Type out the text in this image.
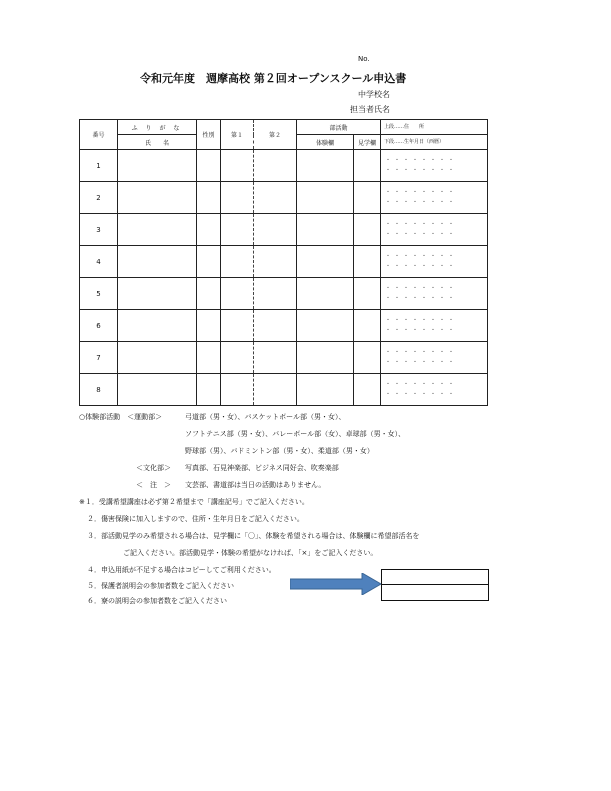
No.
令和元年度　週摩高校 第２回オープンスクール申込書
中学校名
担当者氏名
番号	ふ り が な	性別	第１	第２	部活動		上段……住　　所
	氏　　名				体験欄	見学欄	下段……生年月日（西暦）
1							・・・・・・・・
・・・・・・・・

2							・・・・・・・・
・・・・・・・・

3							・・・・・・・・
・・・・・・・・

4							・・・・・・・・
・・・・・・・・

5							・・・・・・・・
・・・・・・・・

6							・・・・・・・・
・・・・・・・・

7							・・・・・・・・
・・・・・・・・

8							・・・・・・・・
・・・・・・・・
○体験部活動　＜運動部＞	弓道部（男・女）、バスケットボール部（男・女）、
ソフトテニス部（男・女）、バレーボール部（女）、卓球部（男・女）、
野球部（男）、バドミントン部（男・女）、柔道部（男・女）
＜文化部＞ 写真部、石見神楽部、ビジネス同好会、吹奏楽部
＜　注　＞ 文芸部、書道部は当日の活動はありません。
※１．受講希望講座は必ず第２希望まで「講座記号」でご記入ください。
２．傷害保険に加入しますので、住所・生年月日をご記入ください。
３．部活動見学のみ希望される場合は、見学欄に「〇」、体験を希望される場合は、体験欄に希望部活名を
ご記入ください。部活動見学・体験の希望がなければ、「×」をご記入ください。
４．申込用紙が不足する場合はコピーしてご利用ください。
５．保護者説明会の参加者数をご記入ください
６．寮の説明会の参加者数をご記入ください
